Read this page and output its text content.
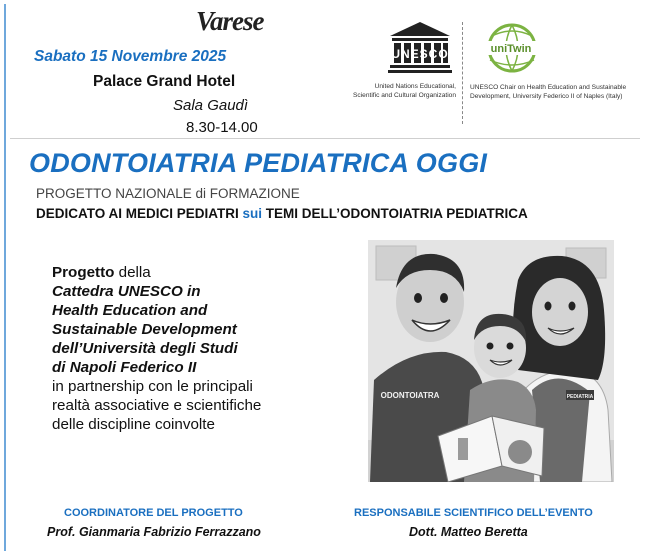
Varese
Sabato 15 Novembre 2025
Palace Grand Hotel
Sala Gaudì
8.30-14.00
UNESCO
United Nations Educational, Scientific and Cultural Organization
uniTwin
UNESCO Chair on Health Education and Sustainable Development, University Federico II of Naples (Italy)
ODONTOIATRIA PEDIATRICA OGGI
PROGETTO NAZIONALE di FORMAZIONE
DEDICATO AI MEDICI PEDIATRI sui TEMI DELL’ODONTOIATRIA PEDIATRICA
Progetto della
Cattedra UNESCO in
Health Education and
Sustainable Development
dell’Università degli Studi
di Napoli Federico II
in partnership con le principali
realtà associative e scientifiche
delle discipline coinvolte
ODONTOIATRA	PEDIATRIA
COORDINATORE DEL PROGETTO
Prof. Gianmaria Fabrizio Ferrazzano
RESPONSABILE SCIENTIFICO DELL’EVENTO
Dott. Matteo Beretta
